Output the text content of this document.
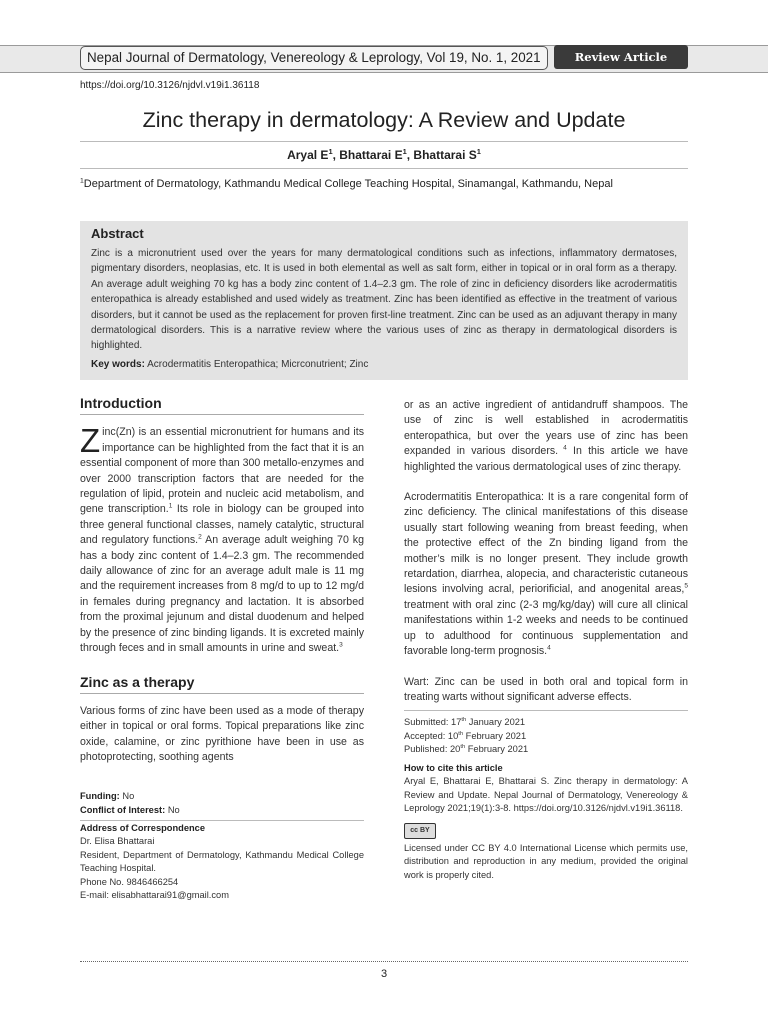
Nepal Journal of Dermatology, Venereology & Leprology, Vol 19, No. 1, 2021	Review Article
https://doi.org/10.3126/njdvl.v19i1.36118
Zinc therapy in dermatology: A Review and Update
Aryal $E^1$, Bhattarai $E^1$, Bhattarai $S^1$
$^1$Department of Dermatology, Kathmandu Medical College Teaching Hospital, Sinamangal, Kathmandu, Nepal
Abstract
Zinc is a micronutrient used over the years for many dermatological conditions such as infections, inflammatory dermatoses, pigmentary disorders, neoplasias, etc. It is used in both elemental as well as salt form, either in topical or in oral form as a therapy. An average adult weighing 70 kg has a body zinc content of 1.4–2.3 gm. The role of zinc in deficiency disorders like acrodermatitis enteropathica is already established and used widely as treatment. Zinc has been identified as effective in the treatment of various disorders, but it cannot be used as the replacement for proven first-line treatment. Zinc can be used as an adjuvant therapy in many dermatological disorders. This is a narrative review where the various uses of zinc as therapy in dermatological disorders is highlighted.
Key words: Acrodermatitis Enteropathica; Micrconutrient; Zinc
Introduction

Zinc(Zn) is an essential micronutrient for humans and its importance can be highlighted from the fact that it is an essential component of more than 300 metallo-enzymes and over 2000 transcription factors that are needed for the regulation of lipid, protein and nucleic acid metabolism, and gene transcription.$^1$ Its role in biology can be grouped into three general functional classes, namely catalytic, structural and regulatory functions.$^2$ An average adult weighing 70 kg has a body zinc content of 1.4–2.3 gm. The recommended daily allowance of zinc for an average adult male is 11 mg and the requirement increases from 8 mg/d to up to 12 mg/d in females during pregnancy and lactation. It is absorbed from the proximal jejunum and distal duodenum and helped by the presence of zinc binding ligands. It is excreted mainly through feces and in small amounts in urine and sweat.$^3$

Zinc as a therapy

Various forms of zinc have been used as a mode of therapy either in topical or oral forms. Topical preparations like zinc oxide, calamine, or zinc pyrithione have been in use as photoprotecting, soothing agents

Funding: No
Conflict of Interest: No
Address of Correspondence
Dr. Elisa Bhattarai
Resident, Department of Dermatology, Kathmandu Medical College Teaching Hospital.
Phone No. 9846466254
E-mail: elisabhattarai91@gmail.com

or as an active ingredient of antidandruff shampoos. The use of zinc is well established in acrodermatitis enteropathica, but over the years use of zinc has been expanded in various disorders. $^4$ In this article we have highlighted the various dermatological uses of zinc therapy.

Acrodermatitis Enteropathica: It is a rare congenital form of zinc deficiency. The clinical manifestations of this disease usually start following weaning from breast feeding, when the protective effect of the Zn binding ligand from the mother’s milk is no longer present. They include growth retardation, diarrhea, alopecia, and characteristic cutaneous lesions involving acral, periorificial, and anogenital areas,$^5$ treatment with oral zinc (2-3 mg/kg/day) will cure all clinical manifestations within 1-2 weeks and needs to be continued up to adulthood for continuous supplementation and favorable long-term prognosis.$^4$

Wart: Zinc can be used in both oral and topical form in treating warts without significant adverse effects.

Submitted: 17th January 2021
Accepted: 10th February 2021
Published: 20th February 2021
How to cite this article
Aryal E, Bhattarai E, Bhattarai S. Zinc therapy in dermatology: A Review and Update. Nepal Journal of Dermatology, Venereology & Leprology 2021;19(1):3-8. https://doi.org/10.3126/njdvl.v19i1.36118.
cc BY
Licensed under CC BY 4.0 International License which permits use, distribution and reproduction in any medium, provided the original work is properly cited.
3
